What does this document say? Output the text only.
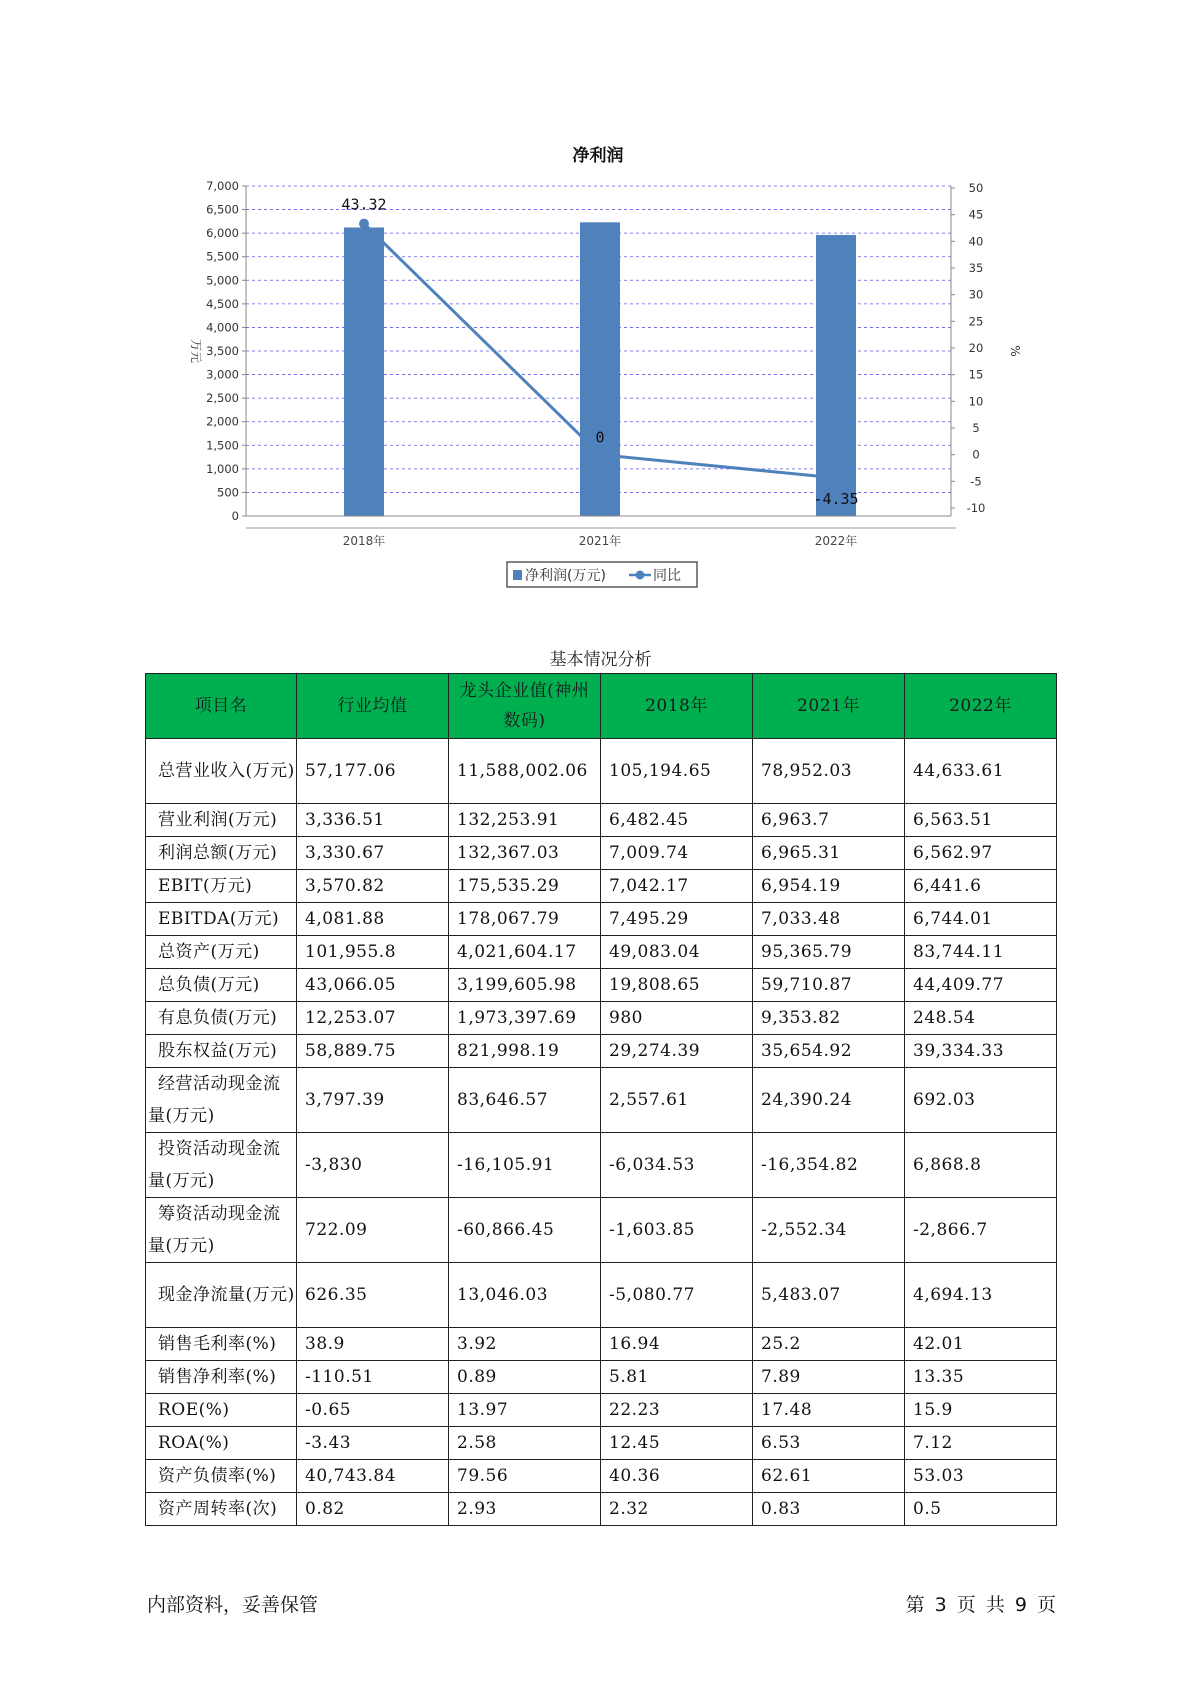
净利润
0
500
1,000
1,500
2,000
2,500
3,000
3,500
4,000
4,500
5,000
5,500
6,000
6,500
7,000
-10
-5
0
5
10
15
20
25
30
35
40
45
50
万元	%
2018年	2021年	2022年
43.32
0
-4.35
净利润(万元)	同比
基本情况分析
项目名	行业均值	龙头企业值(神州数码)	2018年	2021年	2022年
总营业收入(万元)	57,177.06	11,588,002.06	105,194.65	78,952.03	44,633.61
营业利润(万元)	3,336.51	132,253.91	6,482.45	6,963.7	6,563.51
利润总额(万元)	3,330.67	132,367.03	7,009.74	6,965.31	6,562.97
EBIT(万元)	3,570.82	175,535.29	7,042.17	6,954.19	6,441.6
EBITDA(万元)	4,081.88	178,067.79	7,495.29	7,033.48	6,744.01
总资产(万元)	101,955.8	4,021,604.17	49,083.04	95,365.79	83,744.11
总负债(万元)	43,066.05	3,199,605.98	19,808.65	59,710.87	44,409.77
有息负债(万元)	12,253.07	1,973,397.69	980	9,353.82	248.54
股东权益(万元)	58,889.75	821,998.19	29,274.39	35,654.92	39,334.33
经营活动现金流量(万元)	3,797.39	83,646.57	2,557.61	24,390.24	692.03
投资活动现金流量(万元)	-3,830	-16,105.91	-6,034.53	-16,354.82	6,868.8
筹资活动现金流量(万元)	722.09	-60,866.45	-1,603.85	-2,552.34	-2,866.7
现金净流量(万元)	626.35	13,046.03	-5,080.77	5,483.07	4,694.13
销售毛利率(%)	38.9	3.92	16.94	25.2	42.01
销售净利率(%)	-110.51	0.89	5.81	7.89	13.35
ROE(%)	-0.65	13.97	22.23	17.48	15.9
ROA(%)	-3.43	2.58	12.45	6.53	7.12
资产负债率(%)	40,743.84	79.56	40.36	62.61	53.03
资产周转率(次)	0.82	2.93	2.32	0.83	0.5
内部资料，妥善保管	第 3 页 共 9 页
